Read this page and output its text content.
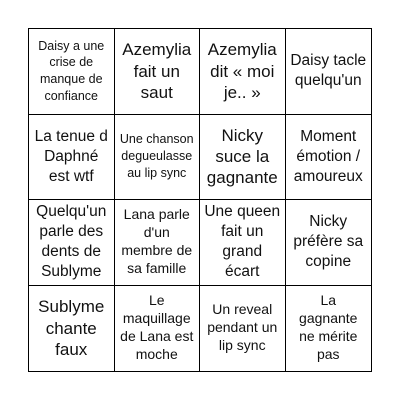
Daisy a une crise de manque de confiance
Azemylia fait un saut
Azemylia dit « moi je.. »
Daisy tacle quelqu'un
La tenue d Daphné est wtf
Une chanson degueulasse au lip sync
Nicky suce la gagnante
Moment émotion / amoureux
Quelqu'un parle des dents de Sublyme
Lana parle d'un membre de sa famille
Une queen fait un grand écart
Nicky préfère sa copine
Sublyme chante faux
Le maquillage de Lana est moche
Un reveal pendant un lip sync
La gagnante ne mérite pas
